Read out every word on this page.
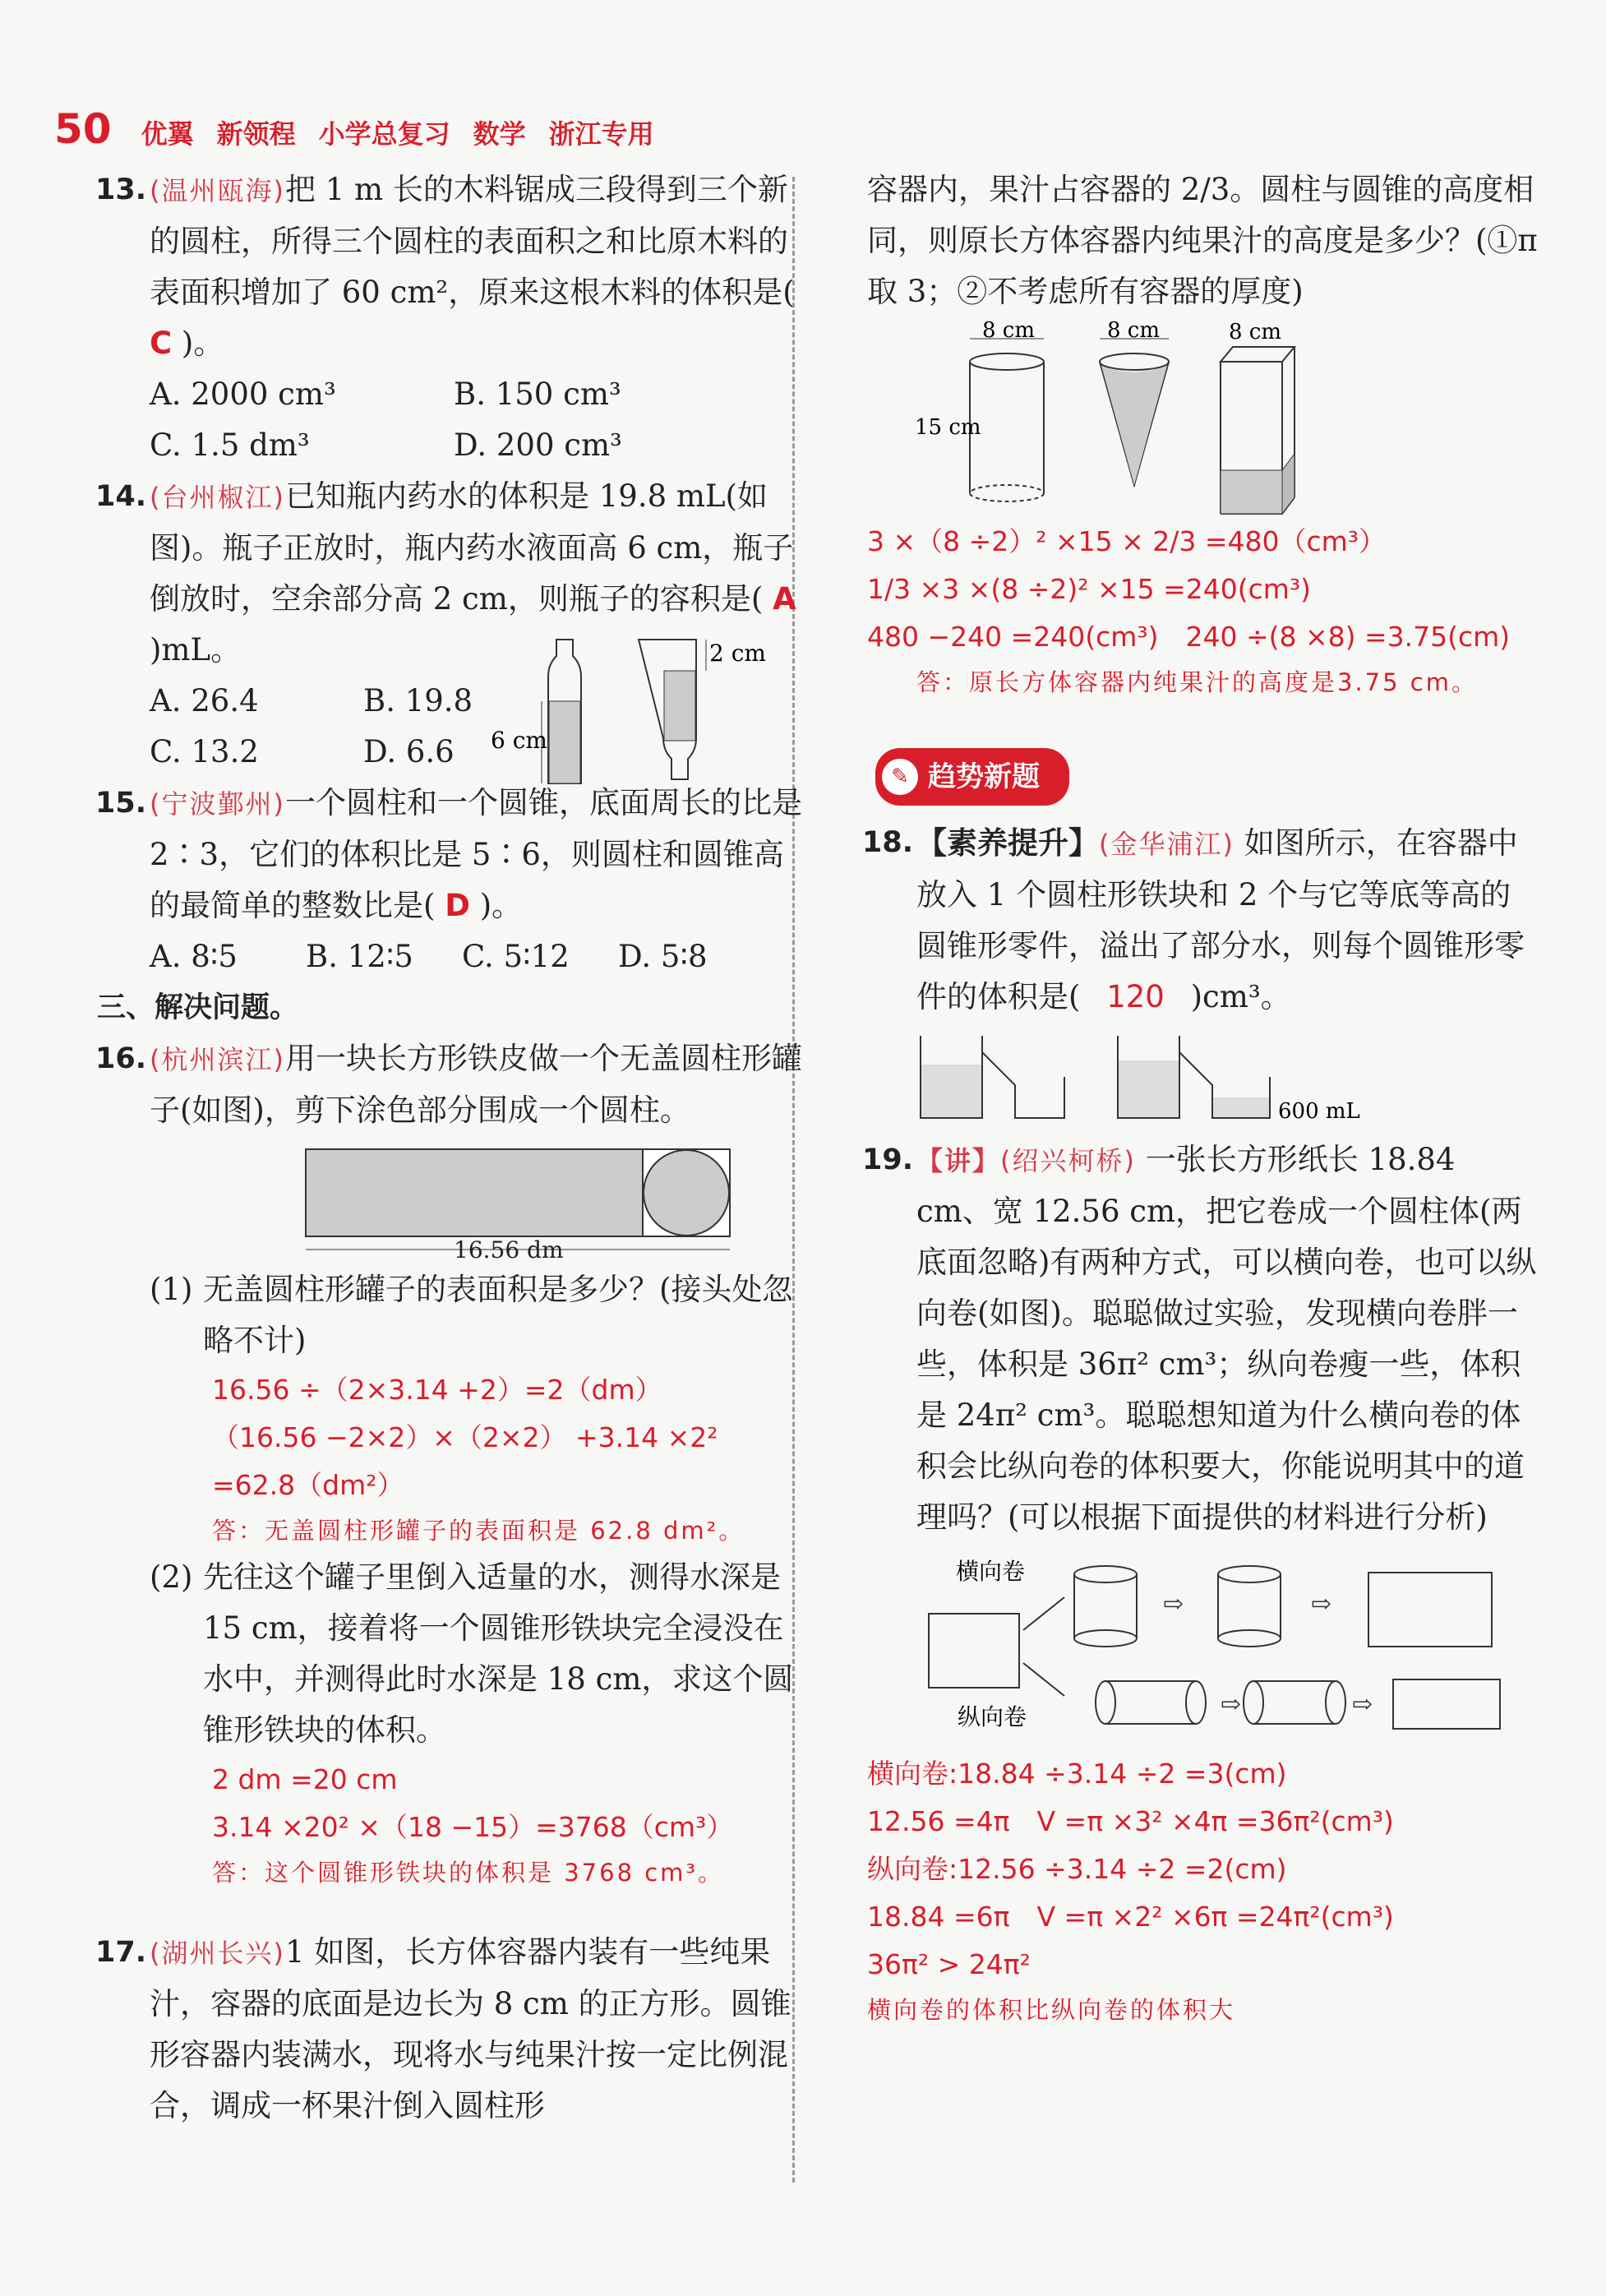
50 优翼 新领程 小学总复习 数学 浙江专用
13. (温州瓯海)把 1 m 长的木料锯成三段得到三个新的圆柱，所得三个圆柱的表面积之和比原木料的表面积增加了 60 cm²，原来这根木料的体积是( C )。
A. 2000 cm³	B. 150 cm³
C. 1.5 dm³	D. 200 cm³
14. (台州椒江)已知瓶内药水的体积是 19.8 mL(如图)。瓶子正放时，瓶内药水液面高 6 cm，瓶子倒放时，空余部分高 2 cm，则瓶子的容积是( A )mL。
A. 26.4	B. 19.8
C. 13.2	D. 6.6
2 cm
6 cm
15. (宁波鄞州)一个圆柱和一个圆锥，底面周长的比是 2∶3，它们的体积比是 5∶6，则圆柱和圆锥高的最简单的整数比是( D )。
A. 8∶5	B. 12∶5	C. 5∶12	D. 5∶8
三、解决问题。
16. (杭州滨江)用一块长方形铁皮做一个无盖圆柱形罐子(如图)，剪下涂色部分围成一个圆柱。
16.56 dm
(1) 无盖圆柱形罐子的表面积是多少？(接头处忽略不计)
16.56 ÷（2×3.14 +2）=2（dm）
（16.56 −2×2）×（2×2） +3.14 ×2²
=62.8（dm²）
答：无盖圆柱形罐子的表面积是 62.8 dm²。
(2) 先往这个罐子里倒入适量的水，测得水深是 15 cm，接着将一个圆锥形铁块完全浸没在水中，并测得此时水深是 18 cm，求这个圆锥形铁块的体积。
2 dm =20 cm
3.14 ×20² ×（18 −15）=3768（cm³）
答：这个圆锥形铁块的体积是 3768 cm³。
17. (湖州长兴)1 如图，长方体容器内装有一些纯果汁，容器的底面是边长为 8 cm 的正方形。圆锥形容器内装满水，现将水与纯果汁按一定比例混合，调成一杯果汁倒入圆柱形
容器内，果汁占容器的 2/3。圆柱与圆锥的高度相同，则原长方体容器内纯果汁的高度是多少？(①π 取 3；②不考虑所有容器的厚度)
8 cm	8 cm	8 cm
15 cm
3 ×（8 ÷2）² ×15 × 2/3 =480（cm³）
1/3 ×3 ×(8 ÷2)² ×15 =240(cm³)
480 −240 =240(cm³)　240 ÷(8 ×8) =3.75(cm)
答：原长方体容器内纯果汁的高度是3.75 cm。
✎ 趋势新题
18. 【素养提升】(金华浦江) 如图所示，在容器中放入 1 个圆柱形铁块和 2 个与它等底等高的圆锥形零件，溢出了部分水，则每个圆锥形零件的体积是( 120 )cm³。
600 mL
19. 【讲】(绍兴柯桥) 一张长方形纸长 18.84 cm、宽 12.56 cm，把它卷成一个圆柱体(两底面忽略)有两种方式，可以横向卷，也可以纵向卷(如图)。聪聪做过实验，发现横向卷胖一些，体积是 36π² cm³；纵向卷瘦一些，体积是 24π² cm³。聪聪想知道为什么横向卷的体积会比纵向卷的体积要大，你能说明其中的道理吗？(可以根据下面提供的材料进行分析)
⇨	⇨
⇨	⇨
横向卷
纵向卷
横向卷:18.84 ÷3.14 ÷2 =3(cm)
12.56 =4π　V =π ×3² ×4π =36π²(cm³)
纵向卷:12.56 ÷3.14 ÷2 =2(cm)
18.84 =6π　V =π ×2² ×6π =24π²(cm³)
36π² > 24π²
横向卷的体积比纵向卷的体积大
